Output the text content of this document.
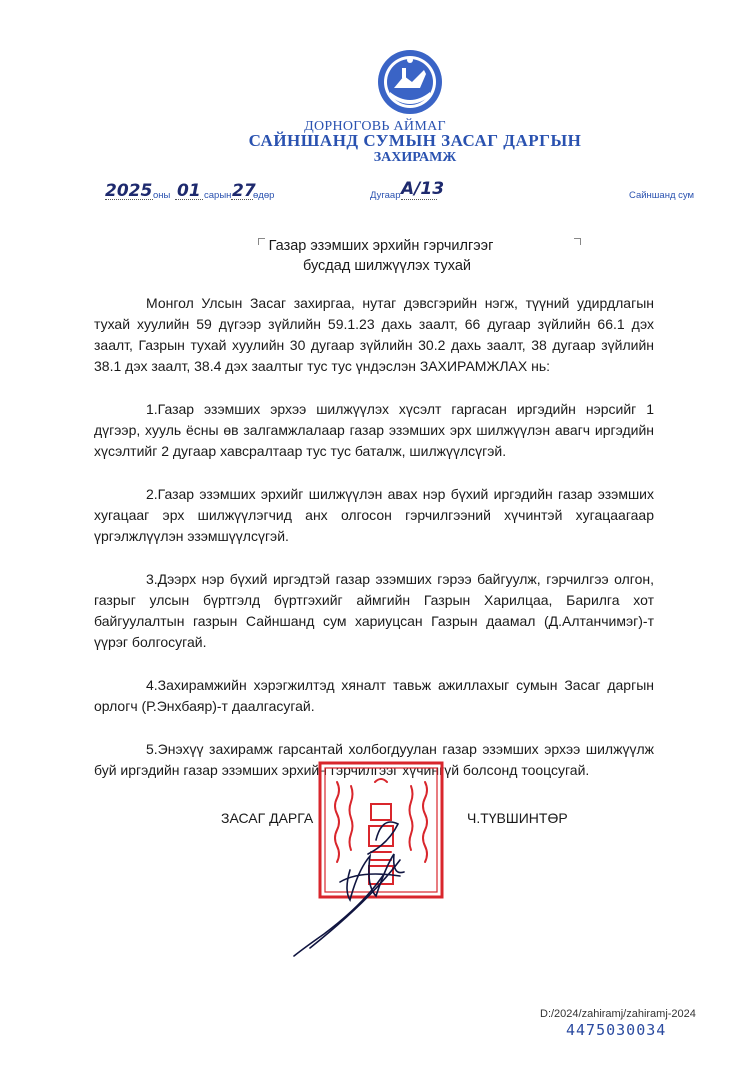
ДОРНОГОВЬ АЙМАГ
САЙНШАНД СУМЫН ЗАСАГ ДАРГЫН
ЗАХИРАМЖ
2025 оны 01 сарын 27
өдөр	Дугаар А/13	Сайншанд сум
Газар эзэмших эрхийн гэрчилгээг
бусдад шилжүүлэх тухай

Монгол Улсын Засаг захиргаа, нутаг дэвсгэрийн нэгж, түүний удирдлагын тухай хуулийн 59 дүгээр зүйлийн 59.1.23 дахь заалт, 66 дугаар зүйлийн 66.1 дэх заалт, Газрын тухай хуулийн 30 дугаар зүйлийн 30.2 дахь заалт, 38 дугаар зүйлийн 38.1 дэх заалт, 38.4 дэх заалтыг тус тус үндэслэн ЗАХИРАМЖЛАХ нь:

1.Газар эзэмших эрхээ шилжүүлэх хүсэлт гаргасан иргэдийн нэрсийг 1 дүгээр, хууль ёсны өв залгамжлалаар газар эзэмших эрх шилжүүлэн авагч иргэдийн хүсэлтийг 2 дугаар хавсралтаар тус тус баталж, шилжүүлсүгэй.

2.Газар эзэмших эрхийг шилжүүлэн авах нэр бүхий иргэдийн газар эзэмших хугацааг эрх шилжүүлэгчид анх олгосон гэрчилгээний хүчинтэй хугацаагаар үргэлжлүүлэн эзэмшүүлсүгэй.

3.Дээрх нэр бүхий иргэдтэй газар эзэмших гэрээ байгуулж, гэрчилгээ олгон, газрыг улсын бүртгэлд бүртгэхийг аймгийн Газрын Харилцаа, Барилга хот байгуулалтын газрын Сайншанд сум хариуцсан Газрын даамал (Д.Алтанчимэг)-т үүрэг болгосугай.

4.Захирамжийн хэрэгжилтэд хяналт тавьж ажиллахыг сумын Засаг даргын орлогч (Р.Энхбаяр)-т даалгасугай.

5.Энэхүү захирамж гарсантай холбогдуулан газар эзэмших эрхээ шилжүүлж буй иргэдийн газар эзэмших эрхийн гэрчилгээг хүчингүй болсонд тооцсугай.

ЗАСАГ ДАРГА	Ч.ТҮВШИНТӨР
D:/2024/zahiramj/zahiramj-2024
4475030034
